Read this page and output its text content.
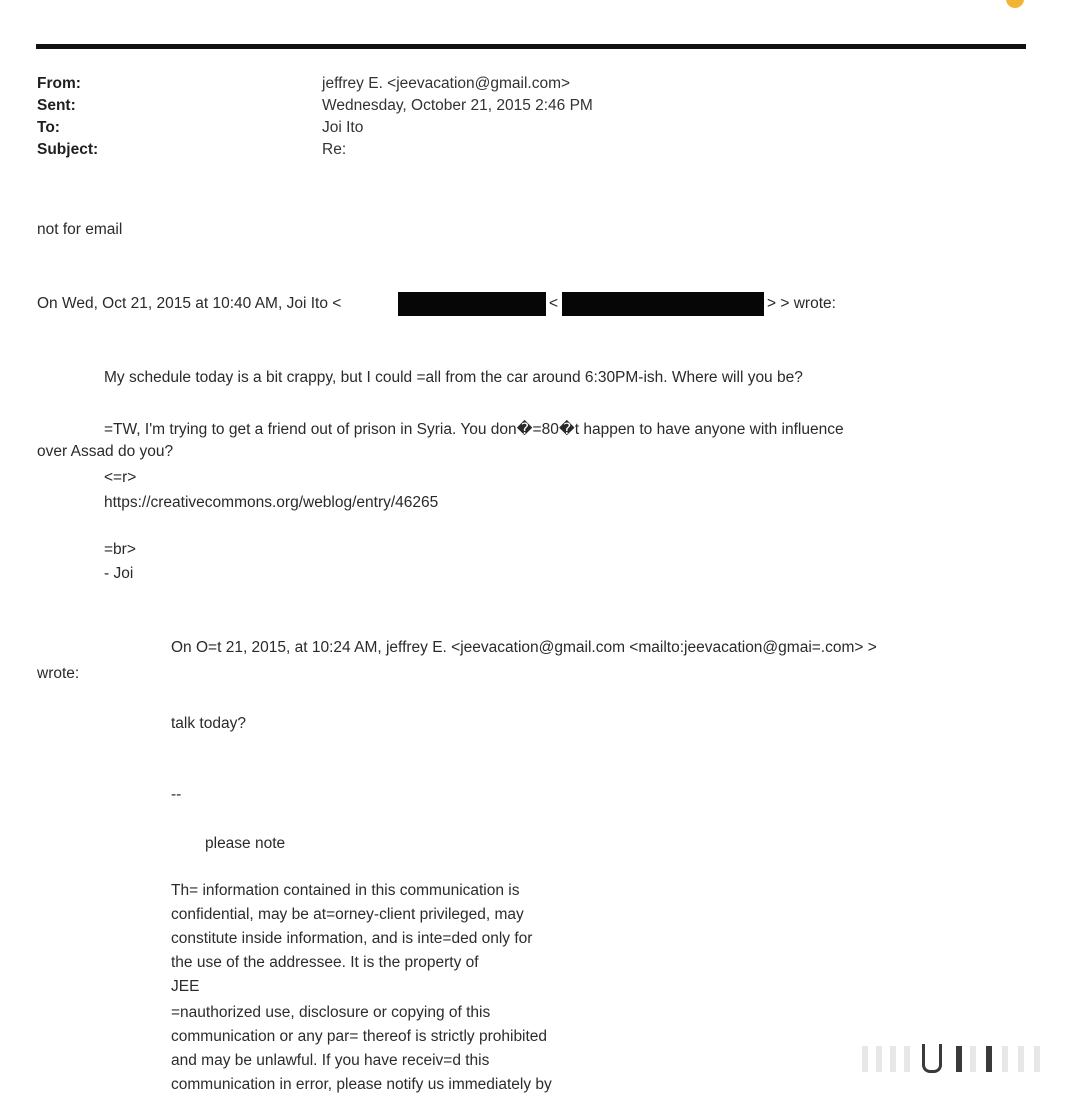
From:	jeffrey E. <jeevacation@gmail.com>
Sent:	Wednesday, October 21, 2015 2:46 PM
To:	Joi Ito
Subject:	Re:
not for email
On Wed, Oct 21, 2015 at 10:40 AM, Joi Ito <	<	> > wrote:
My schedule today is a bit crappy, but I could =all from the car around 6:30PM-ish. Where will you be?
=TW, I'm trying to get a friend out of prison in Syria. You don�=80�t happen to have anyone with influence
over Assad do you?
<=r>
https://creativecommons.org/weblog/entry/46265
=br>
- Joi
On O=t 21, 2015, at 10:24 AM, jeffrey E. <jeevacation@gmail.com <mailto:jeevacation@gmai=.com> >
wrote:
talk today?
--
please note
Th= information contained in this communication is
confidential, may be at=orney-client privileged, may
constitute inside information, and is inte=ded only for
the use of the addressee. It is the property of
JEE
=nauthorized use, disclosure or copying of this
communication or any par= thereof is strictly prohibited
and may be unlawful. If you have receiv=d this
communication in error, please notify us immediately by
